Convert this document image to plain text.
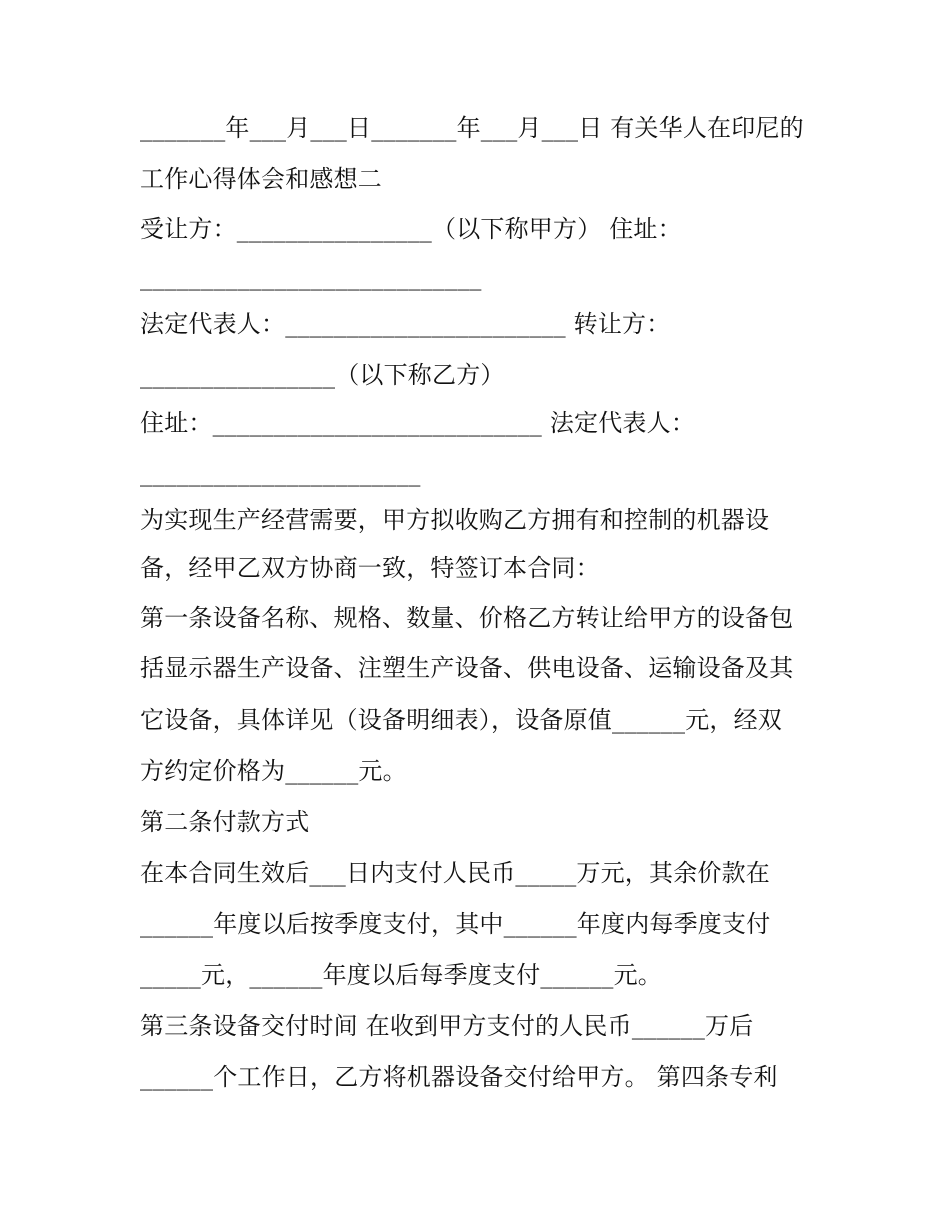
_______年___月___日_______年___月___日 有关华人在印尼的
工作心得体会和感想二
受让方：________________（以下称甲方） 住址：
____________________________
法定代表人：_______________________ 转让方：
________________（以下称乙方）
住址：___________________________ 法定代表人：
_______________________
为实现生产经营需要，甲方拟收购乙方拥有和控制的机器设
备，经甲乙双方协商一致，特签订本合同：
第一条设备名称、规格、数量、价格乙方转让给甲方的设备包
括显示器生产设备、注塑生产设备、供电设备、运输设备及其
它设备，具体详见（设备明细表），设备原值______元，经双
方约定价格为______元。
第二条付款方式
在本合同生效后___日内支付人民币_____万元，其余价款在
______年度以后按季度支付，其中______年度内每季度支付
_____元，______年度以后每季度支付______元。
第三条设备交付时间 在收到甲方支付的人民币______万后
______个工作日，乙方将机器设备交付给甲方。 第四条专利
